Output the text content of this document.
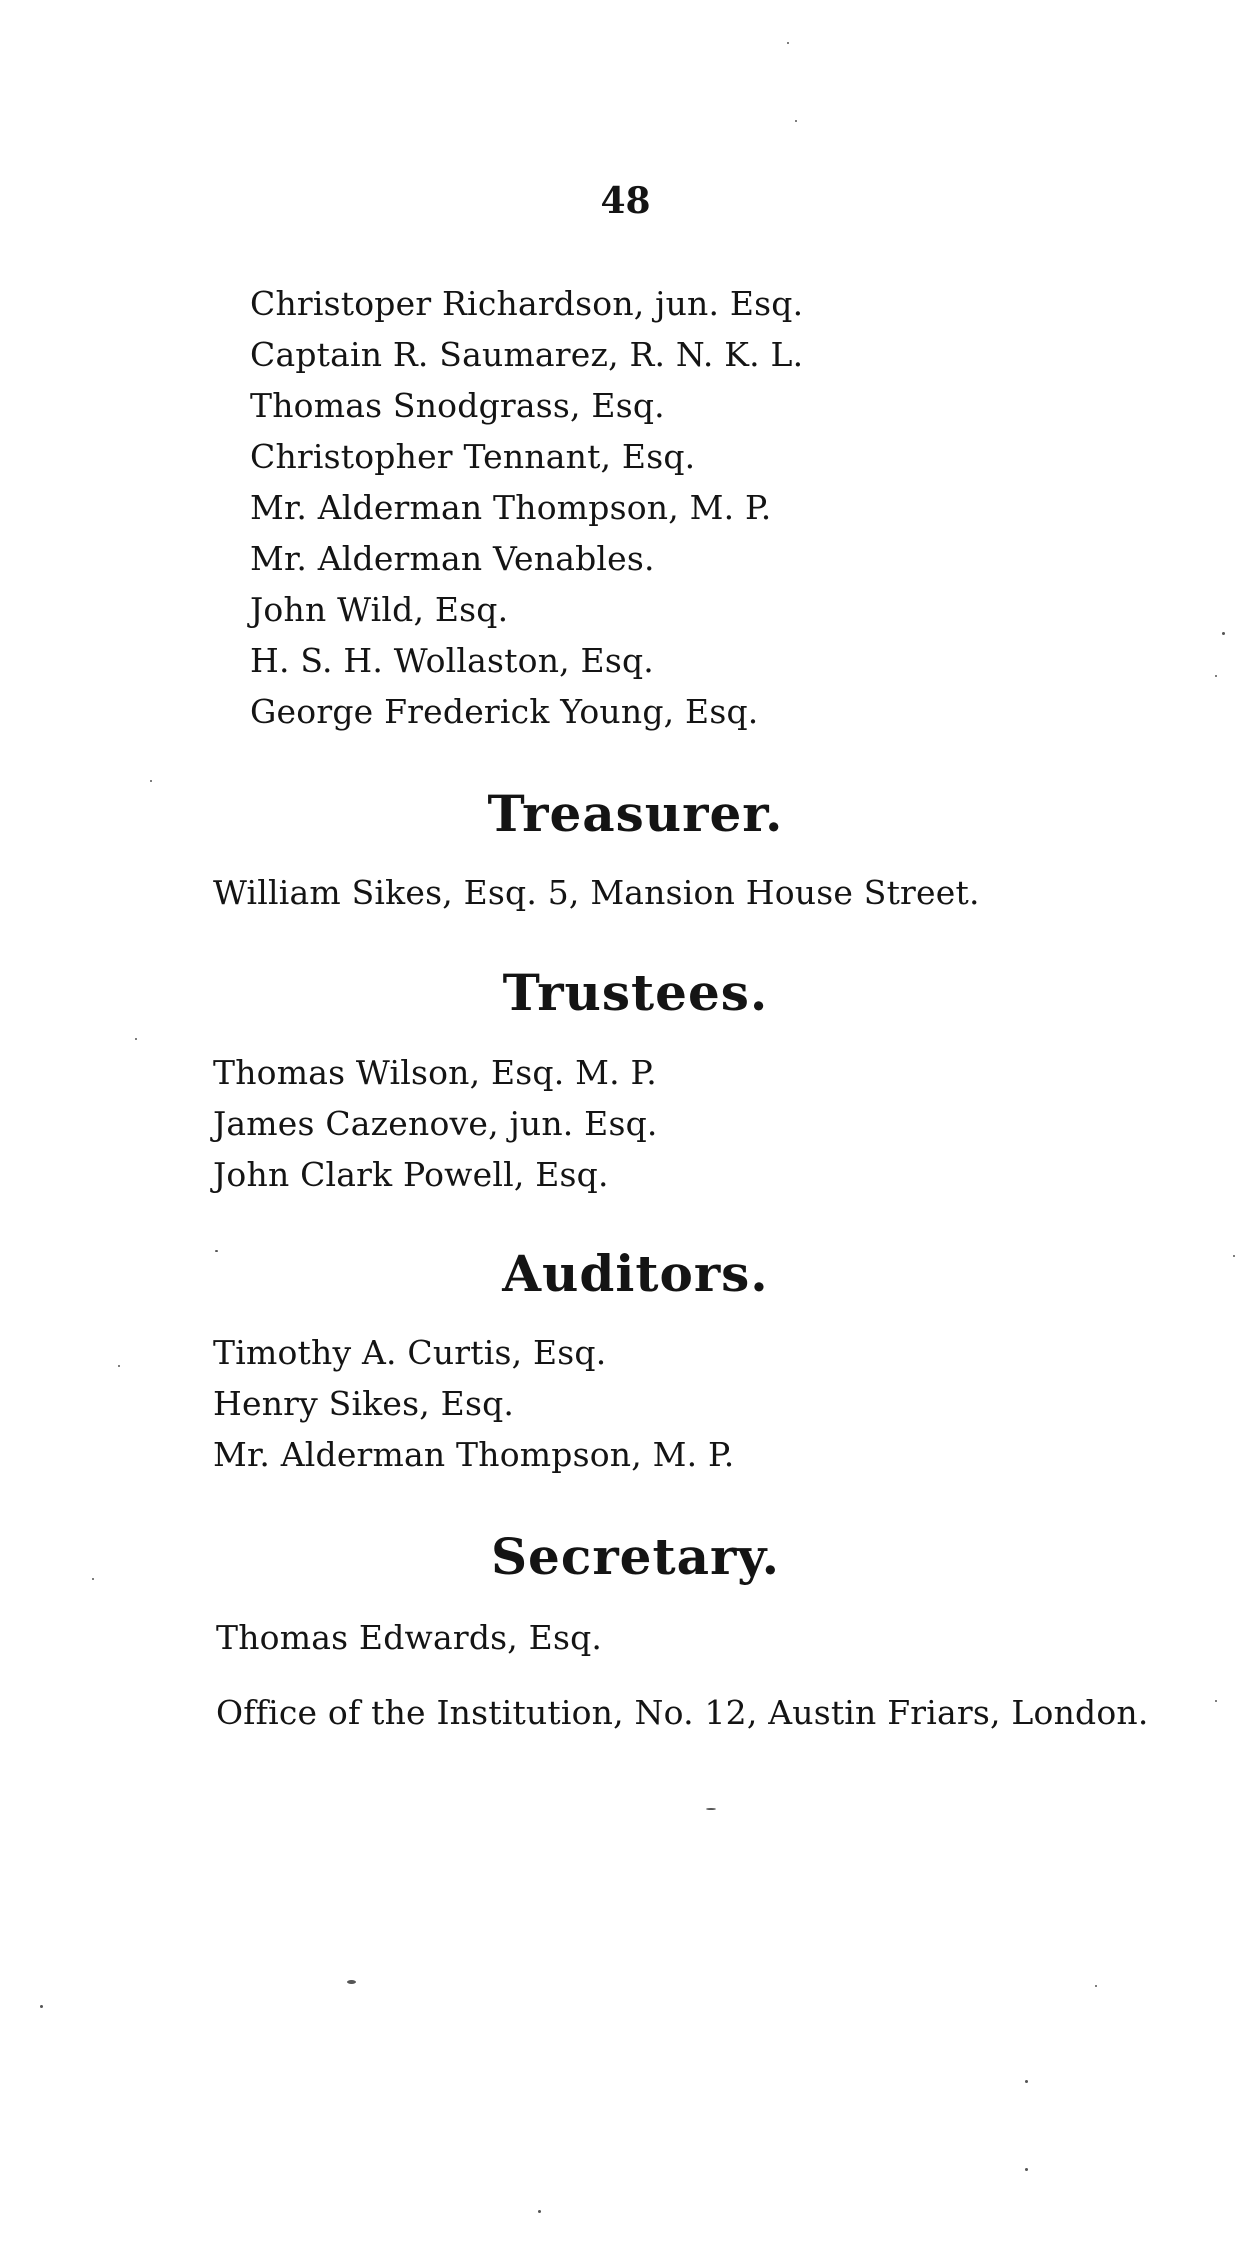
48
Christoper Richardson, jun. Esq.
Captain R. Saumarez, R. N. K. L.
Thomas Snodgrass, Esq.
Christopher Tennant, Esq.
Mr. Alderman Thompson, M. P.
Mr. Alderman Venables.
John Wild, Esq.
H. S. H. Wollaston, Esq.
George Frederick Young, Esq.
Treasurer.
William Sikes, Esq. 5, Mansion House Street.
Trustees.
Thomas Wilson, Esq. M. P.
James Cazenove, jun. Esq.
John Clark Powell, Esq.
Auditors.
Timothy A. Curtis, Esq.
Henry Sikes, Esq.
Mr. Alderman Thompson, M. P.
Secretary.
Thomas Edwards, Esq.
Office of the Institution, No. 12, Austin Friars, London.
